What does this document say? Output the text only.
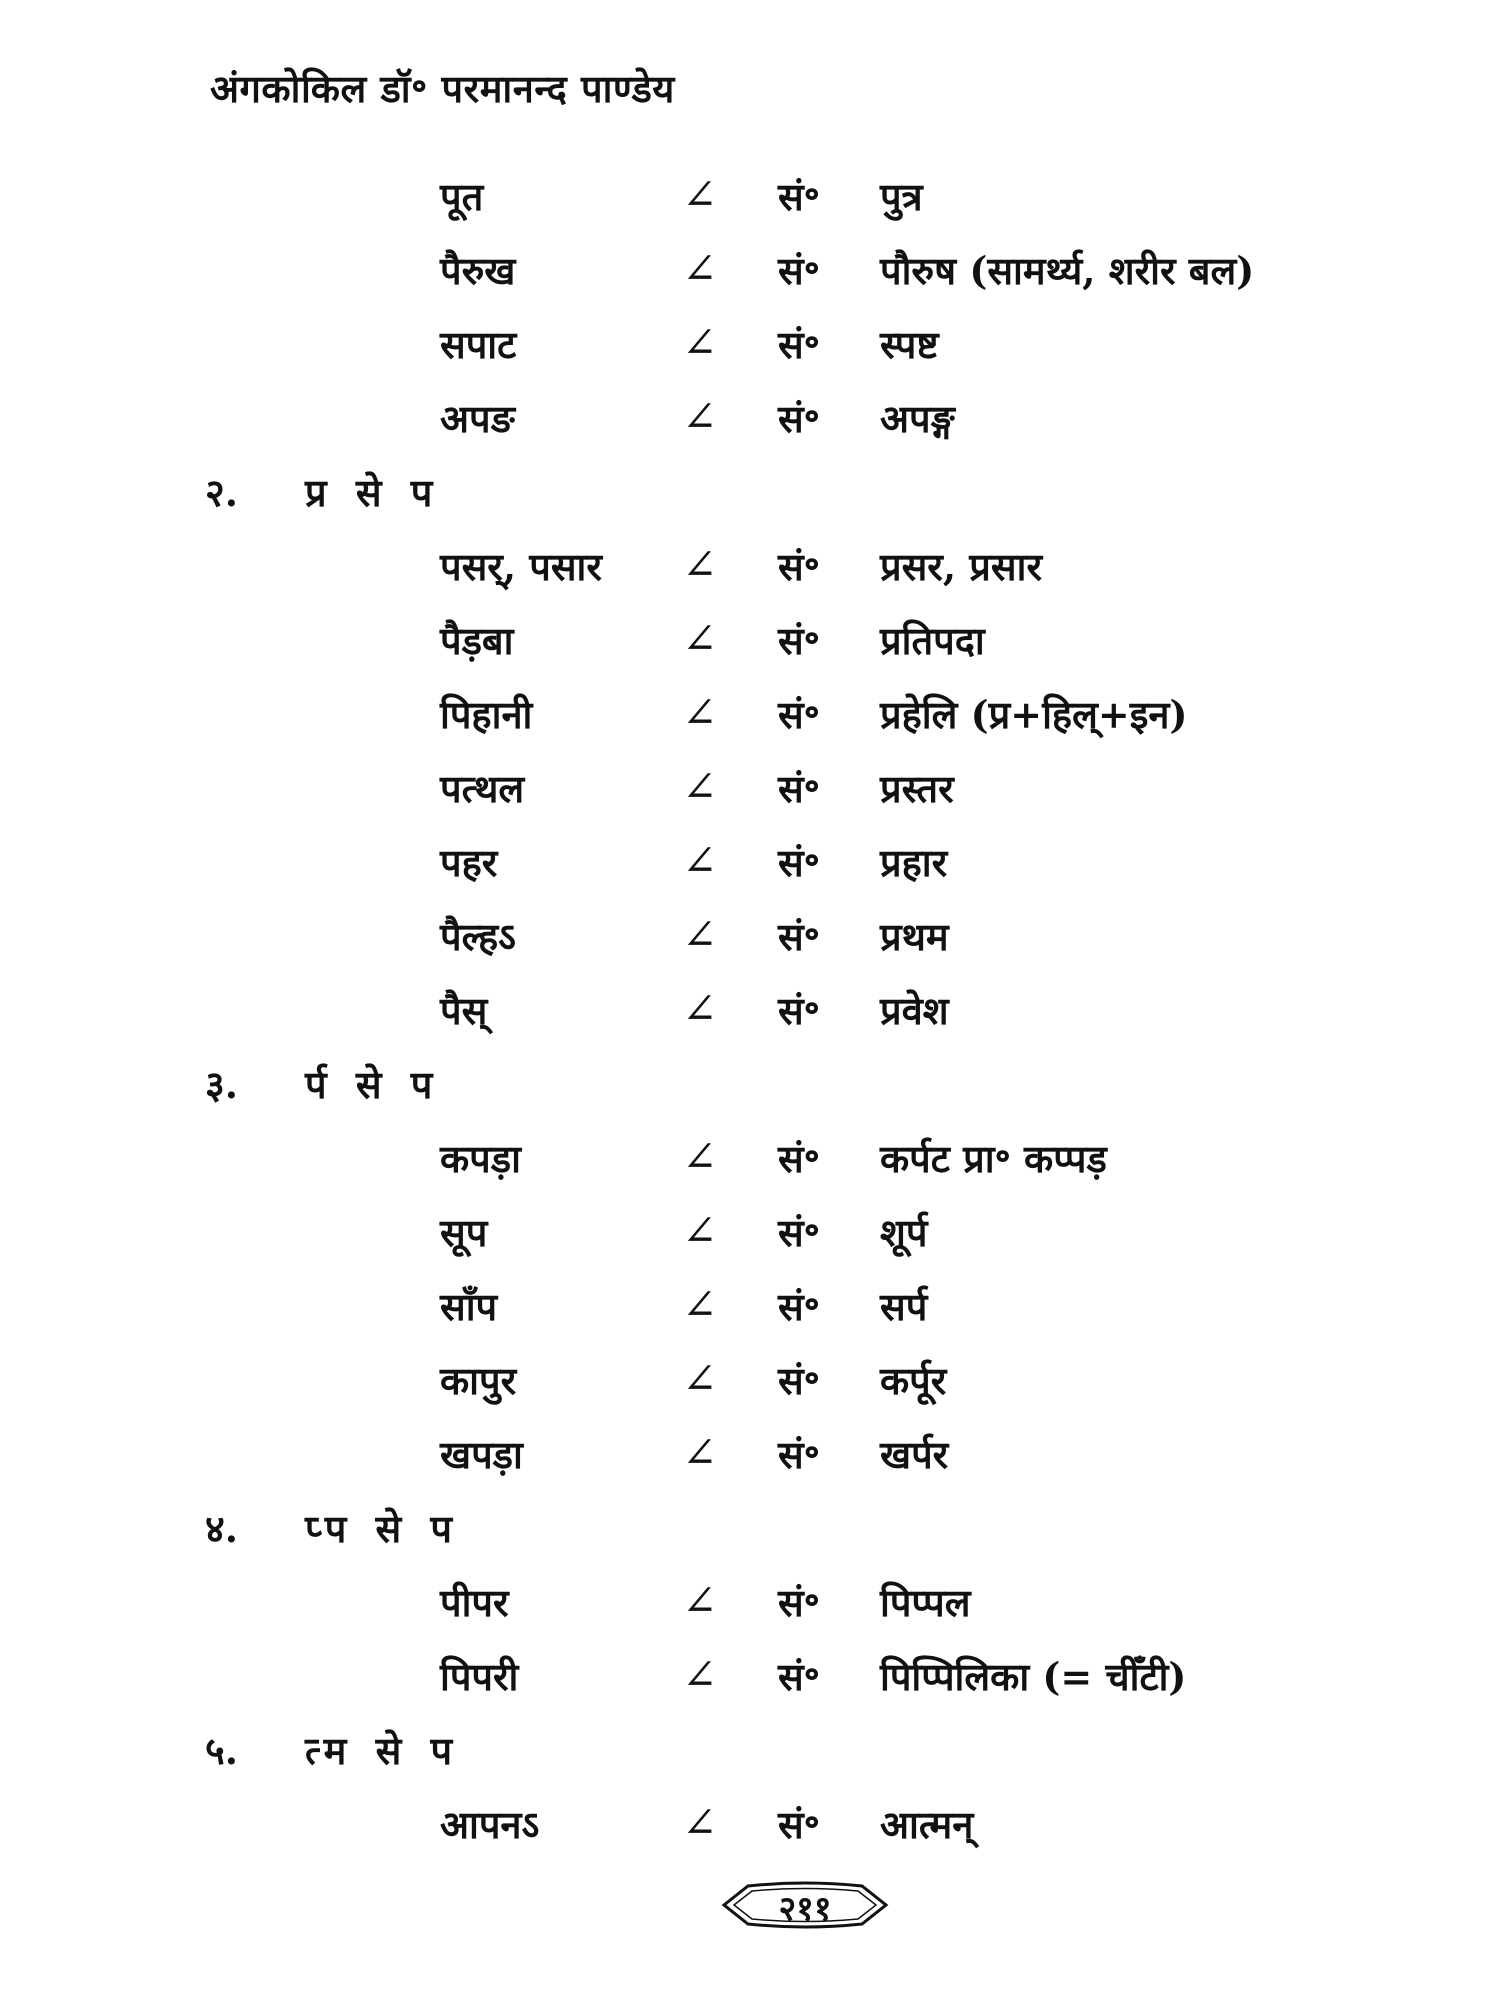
अंगकोकिल डॉ॰ परमानन्द पाण्डेय
पूत	∠ सं॰ पुत्र
पैरुख	∠ सं॰ पौरुष (सामर्थ्य, शरीर बल)
सपाट	∠ सं॰ स्पष्ट
अपङ	∠ सं॰ अपङ्ग
२. प्र से प
पसर्, पसार ∠ सं॰ प्रसर, प्रसार
पैड़बा	∠ सं॰ प्रतिपदा
पिहानी	∠ सं॰ प्रहेलि (प्र+हिल्+इन)
पत्थल	∠ सं॰ प्रस्तर
पहर	∠ सं॰ प्रहार
पैल्हऽ	∠ सं॰ प्रथम
पैस्	∠ सं॰ प्रवेश
३. र्प से प
कपड़ा	∠ सं॰ कर्पट प्रा॰ कप्पड़
सूप	∠ सं॰ शूर्प
साँप	∠ सं॰ सर्प
कापुर	∠ सं॰ कर्पूर
खपड़ा	∠ सं॰ खर्पर
४. प्प से प
पीपर	∠ सं॰ पिप्पल
पिपरी	∠ सं॰ पिप्पिलिका (= चीँटी)
५. त्म से प
आपनऽ	∠ सं॰ आत्मन्
२११
